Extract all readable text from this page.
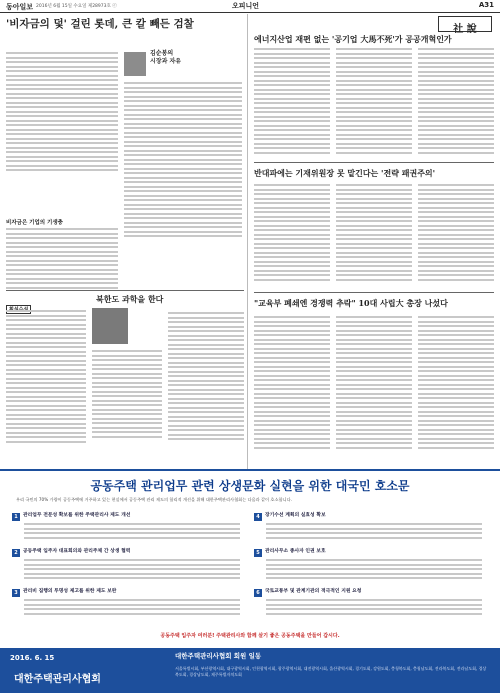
동아일보 2016년 6월 15일 수요일 제28973호 ⓒ	오피니언	A31
'비자금의 덫' 걸린 롯데, 큰 칼 빼든 검찰
김순봉의
시장과 자유
비자금은 기업의 기생충
북한도 과학을 한다
社 說
에너지산업 재편 없는 '공기업 大馬不死'가 공공개혁인가
반대파에는 기재위원장 못 맡긴다는 '전략 패권주의'
"교육부 폐쇄엔 경쟁력 추락" 10대 사립大 총장 나섰다
공동주택 관리업무 관련 상생문화 실현을 위한 대국민 호소문
우리 국민의 70% 가량이 공동주택에 거주하고 있는 현실에서 공동주택 관리 제도의 합리적 개선을 위해 대한주택관리사협회는 다음과 같이 호소합니다.
1	관리업무 전문성 확보를 위한 주택관리사 제도 개선
2	공동주택 입주자 대표회의와 관리주체 간 상생 협력
3	관리비 집행의 투명성 제고를 위한 제도 보완
4	장기수선 계획의 실효성 확보
5	관리사무소 종사자 인권 보호
6	국토교통부 및 관계기관의 적극적인 지원 요청
공동주택 입주자 여러분! 주택관리사와 함께 살기 좋은 공동주택을 만들어 갑시다.
2016. 6. 15
대한주택관리사협회
대한주택관리사협회 회원 일동
서울특별시회, 부산광역시회, 대구광역시회, 인천광역시회, 광주광역시회, 대전광역시회, 울산광역시회, 경기도회, 강원도회, 충청북도회, 충청남도회, 전라북도회, 전라남도회, 경상북도회, 경상남도회, 제주특별자치도회
